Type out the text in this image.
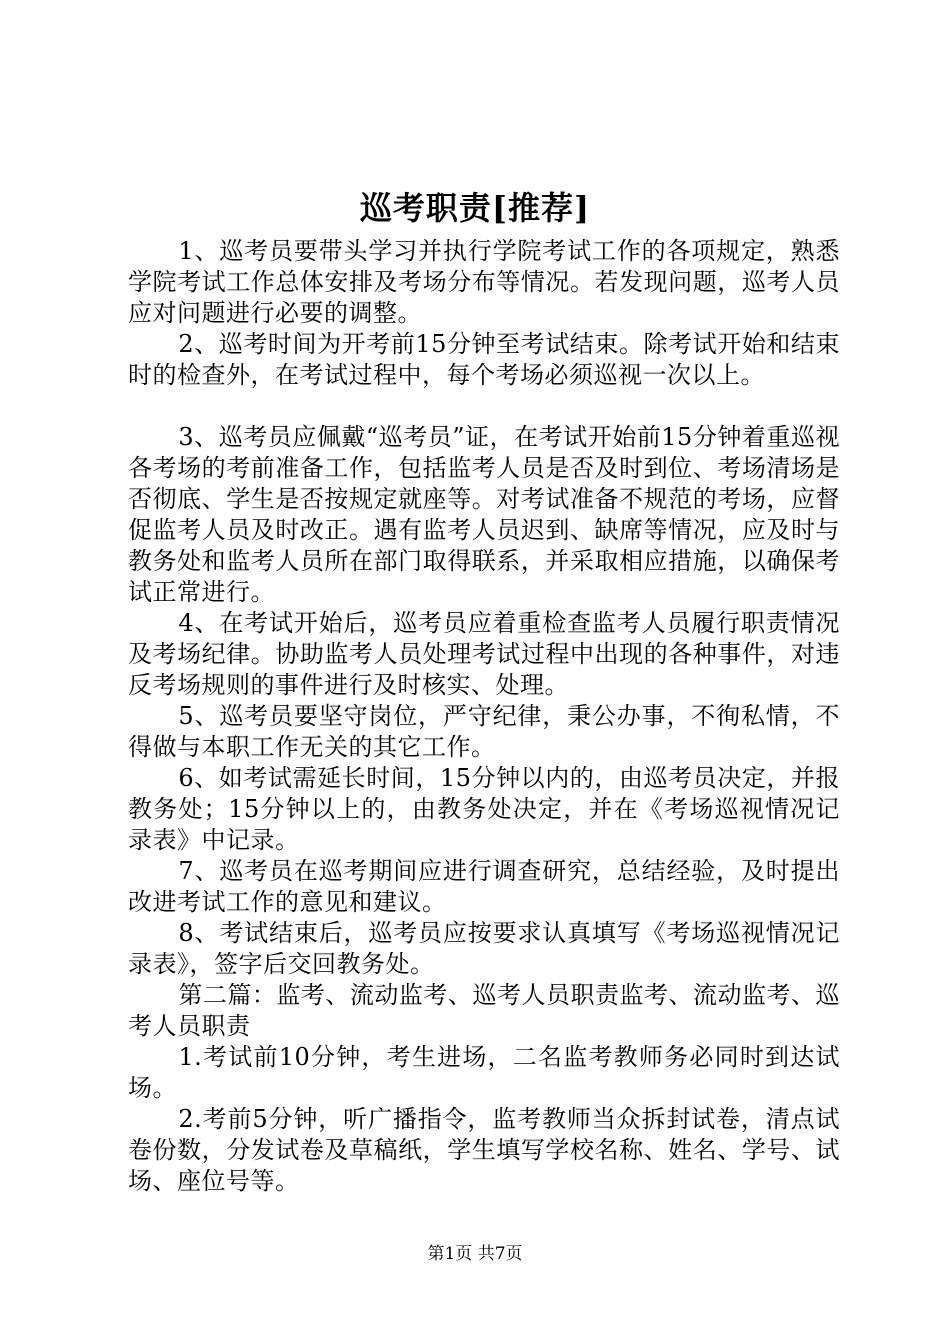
巡考职责[推荐]

1、巡考员要带头学习并执行学院考试工作的各项规定，熟悉学院考试工作总体安排及考场分布等情况。若发现问题，巡考人员应对问题进行必要的调整。

2、巡考时间为开考前15分钟至考试结束。除考试开始和结束时的检查外，在考试过程中，每个考场必须巡视一次以上。

3、巡考员应佩戴“巡考员”证，在考试开始前15分钟着重巡视各考场的考前准备工作，包括监考人员是否及时到位、考场清场是否彻底、学生是否按规定就座等。对考试准备不规范的考场，应督促监考人员及时改正。遇有监考人员迟到、缺席等情况，应及时与教务处和监考人员所在部门取得联系，并采取相应措施，以确保考试正常进行。

4、在考试开始后，巡考员应着重检查监考人员履行职责情况及考场纪律。协助监考人员处理考试过程中出现的各种事件，对违反考场规则的事件进行及时核实、处理。

5、巡考员要坚守岗位，严守纪律，秉公办事，不徇私情，不得做与本职工作无关的其它工作。

6、如考试需延长时间，15分钟以内的，由巡考员决定，并报教务处；15分钟以上的，由教务处决定，并在《考场巡视情况记录表》中记录。

7、巡考员在巡考期间应进行调查研究，总结经验，及时提出改进考试工作的意见和建议。

8、考试结束后，巡考员应按要求认真填写《考场巡视情况记录表》，签字后交回教务处。

第二篇：监考、流动监考、巡考人员职责监考、流动监考、巡考人员职责

1.考试前10分钟，考生进场，二名监考教师务必同时到达试场。

2.考前5分钟，听广播指令，监考教师当众拆封试卷，清点试卷份数，分发试卷及草稿纸，学生填写学校名称、姓名、学号、试场、座位号等。

第1页 共7页
